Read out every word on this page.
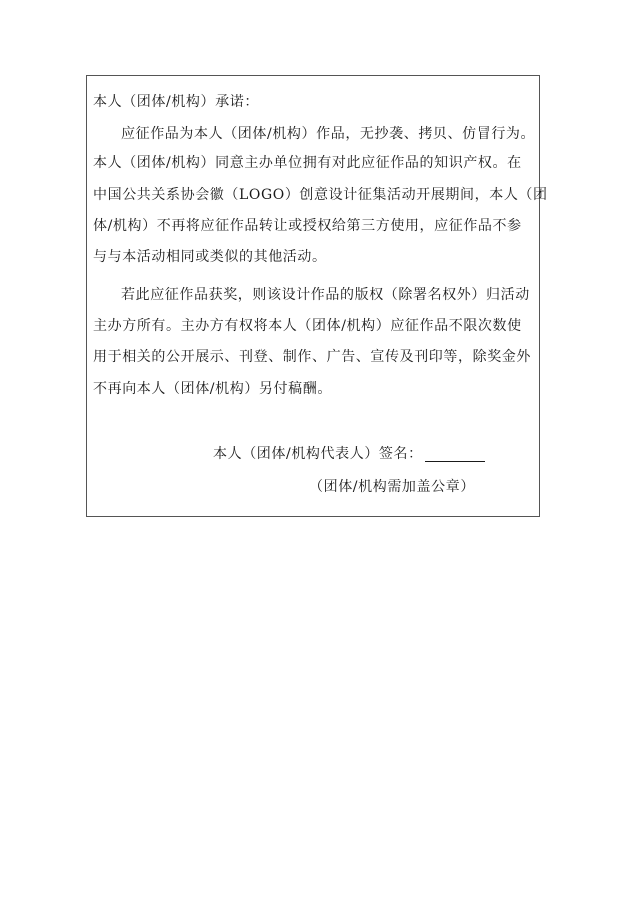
本人（团体/机构）承诺：
应征作品为本人（团体/机构）作品，无抄袭、拷贝、仿冒行为。
本人（团体/机构）同意主办单位拥有对此应征作品的知识产权。在
中国公共关系协会徽（LOGO）创意设计征集活动开展期间，本人（团
体/机构）不再将应征作品转让或授权给第三方使用，应征作品不参
与与本活动相同或类似的其他活动。
若此应征作品获奖，则该设计作品的版权（除署名权外）归活动
主办方所有。主办方有权将本人（团体/机构）应征作品不限次数使
用于相关的公开展示、刊登、制作、广告、宣传及刊印等，除奖金外
不再向本人（团体/机构）另付稿酬。
本人（团体/机构代表人）签名：
（团体/机构需加盖公章）
